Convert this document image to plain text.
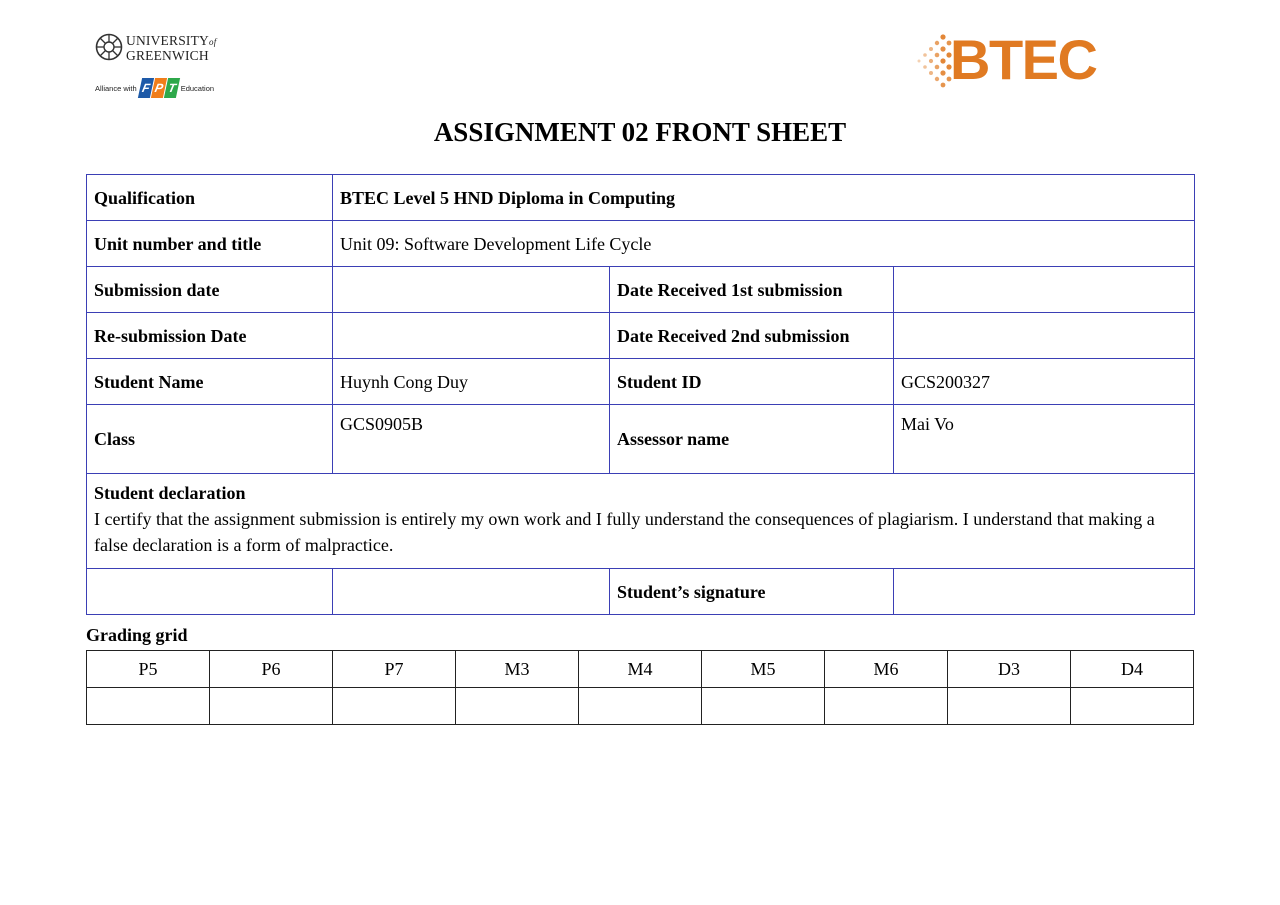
UNIVERSITYof
GREENWICH
Alliance with F P T Education	BTEC
ASSIGNMENT 02 FRONT SHEET
Qualification	BTEC Level 5 HND Diploma in Computing		
Unit number and title	Unit 09: Software Development Life Cycle		
Submission date		Date Received 1st submission	
Re-submission Date		Date Received 2nd submission	
Student Name	Huynh Cong Duy	Student ID	GCS200327
Class	GCS0905B	Assessor name	Mai Vo

Student declaration
I certify that the assignment submission is entirely my own work and I fully understand the consequences of plagiarism. I understand that making a false declaration is a form of malpractice.			

		Student’s signature	
Grading grid
P5	P6	P7	M3	M4	M5	M6	D3	D4
